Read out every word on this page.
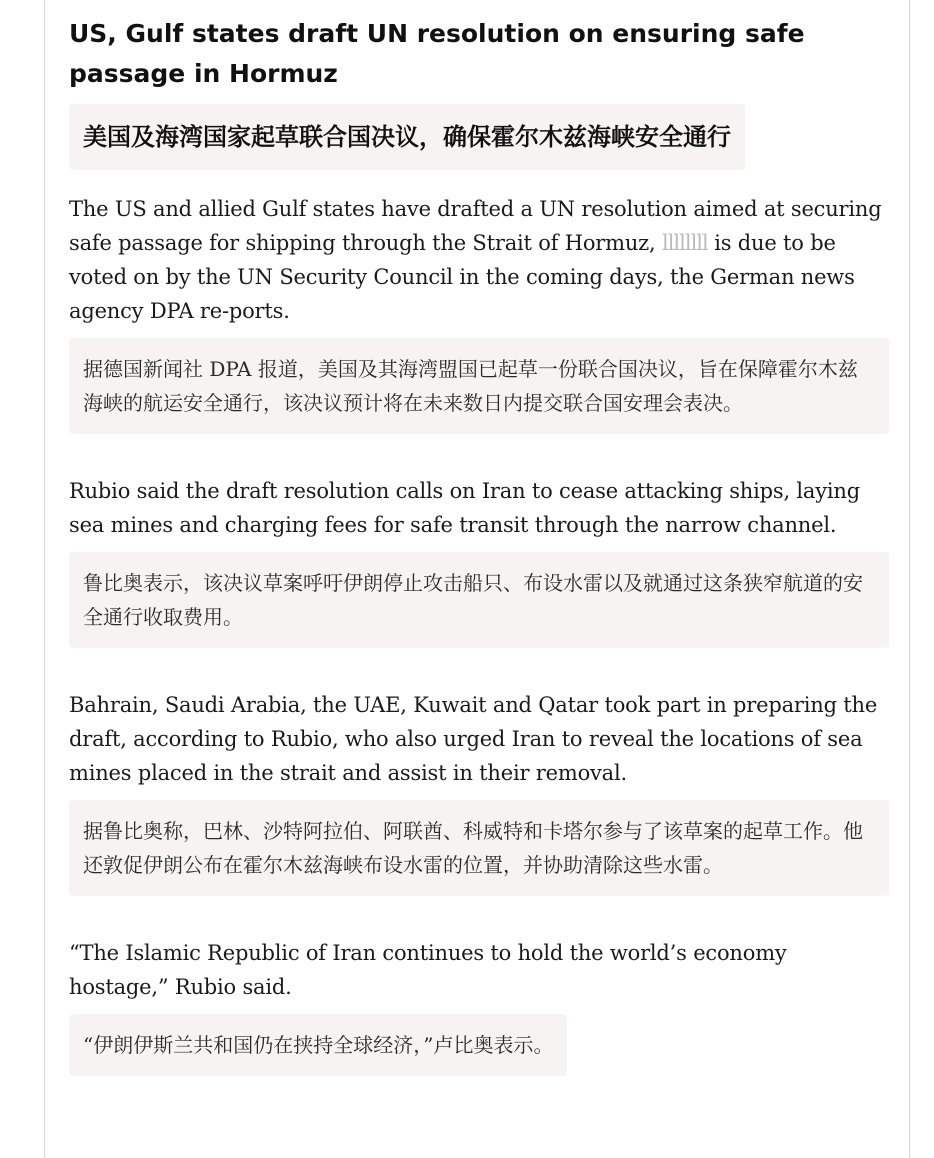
US, Gulf states draft UN resolution on ensuring safe passage in Hormuz
美国及海湾国家起草联合国决议，确保霍尔木兹海峡安全通行

The US and allied Gulf states have drafted a UN resolution aimed at securing safe passage for shipping through the Strait of Hormuz, llllllll is due to be voted on by the UN Security Council in the coming days, the German news agency DPA re-ports.

据德国新闻社 DPA 报道，美国及其海湾盟国已起草一份联合国决议，旨在保障霍尔木兹海峡的航运安全通行，该决议预计将在未来数日内提交联合国安理会表决。

Rubio said the draft resolution calls on Iran to cease attacking ships, laying sea mines and charging fees for safe transit through the narrow channel.

鲁比奥表示，该决议草案呼吁伊朗停止攻击船只、布设水雷以及就通过这条狭窄航道的安全通行收取费用。

Bahrain, Saudi Arabia, the UAE, Kuwait and Qatar took part in preparing the draft, according to Rubio, who also urged Iran to reveal the locations of sea mines placed in the strait and assist in their removal.

据鲁比奥称，巴林、沙特阿拉伯、阿联酋、科威特和卡塔尔参与了该草案的起草工作。他还敦促伊朗公布在霍尔木兹海峡布设水雷的位置，并协助清除这些水雷。

“The Islamic Republic of Iran continues to hold the world’s economy hostage,” Rubio said.

“伊朗伊斯兰共和国仍在挟持全球经济，”卢比奥表示。
